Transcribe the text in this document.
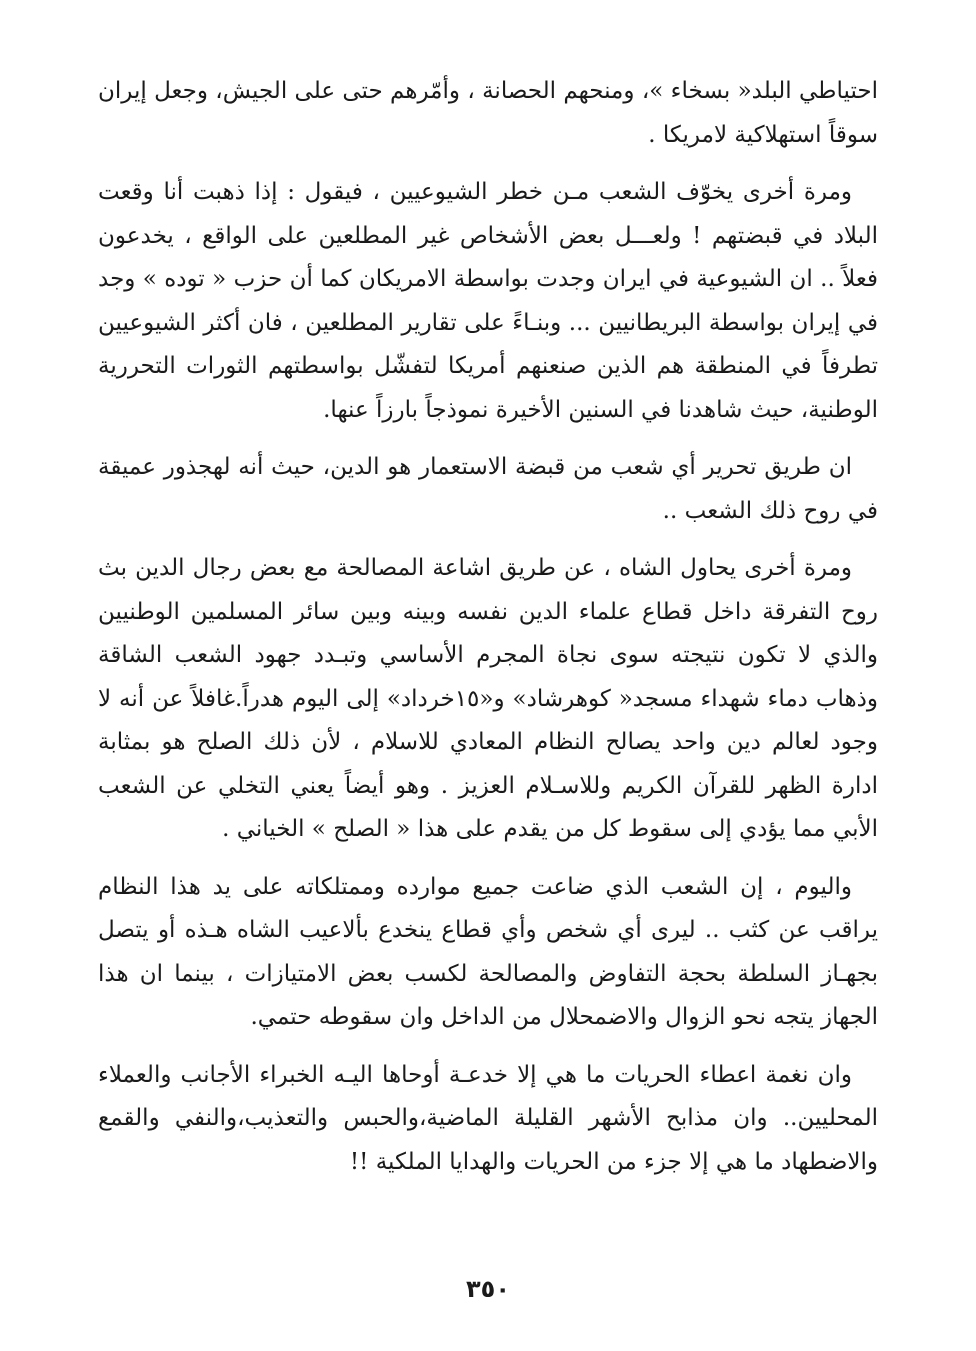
احتياطي البلد« بسخاء »، ومنحهم الحصانة ، وأمّرهم حتى على الجيش، وجعل إيران سوقاً استهلاكية لامريكا .

ومرة أخرى يخوّف الشعب مـن خطر الشيوعيين ، فيقول : إذا ذهبت أنا وقعت البلاد في قبضتهم ! ولعـــل بعض الأشخاص غير المطلعين على الواقع ، يخدعون فعلاً .. ان الشيوعية في ايران وجدت بواسطة الامريكان كما أن حزب « توده » وجد في إيران بواسطة البريطانيين ... وبنـاءً على تقارير المطلعين ، فان أكثر الشيوعيين تطرفاً في المنطقة هم الذين صنعنهم أمريكا لتفشّل بواسطتهم الثورات التحررية الوطنية، حيث شاهدنا في السنين الأخيرة نموذجاً بارزاً عنها.

ان طريق تحرير أي شعب من قبضة الاستعمار هو الدين، حيث أنه لهجذور عميقة في روح ذلك الشعب ..

ومرة أخرى يحاول الشاه ، عن طريق اشاعة المصالحة مع بعض رجال الدين بث روح التفرقة داخل قطاع علماء الدين نفسه وبينه وبين سائر المسلمين الوطنيين والذي لا تكون نتيجته سوى نجاة المجرم الأساسي وتبـدد جهود الشعب الشاقة وذهاب دماء شهداء مسجد« كوهرشاد» و«١٥خرداد» إلى اليوم هدراً.غافلاً عن أنه لا وجود لعالم دين واحد يصالح النظام المعادي للاسلام ، لأن ذلك الصلح هو بمثابة ادارة الظهر للقرآن الكريم وللاسـلام العزيز . وهو أيضاً يعني التخلي عن الشعب الأبي مما يؤدي إلى سقوط كل من يقدم على هذا « الصلح » الخياني .

واليوم ، إن الشعب الذي ضاعت جميع موارده وممتلكاته على يد هذا النظام يراقب عن كثب .. ليرى أي شخص وأي قطاع ينخدع بألاعيب الشاه هـذه أو يتصل بجهـاز السلطة بحجة التفاوض والمصالحة لكسب بعض الامتيازات ، بينما ان هذا الجهاز يتجه نحو الزوال والاضمحلال من الداخل وان سقوطه حتمي.

وان نغمة اعطاء الحريات ما هي إلا خدعـة أوحاها اليـه الخبراء الأجانب والعملاء المحليين.. وان مذابح الأشهر القليلة الماضية،والحبس والتعذيب،والنفي والقمع والاضطهاد ما هي إلا جزء من الحريات والهدايا الملكية !!

٣٥٠
